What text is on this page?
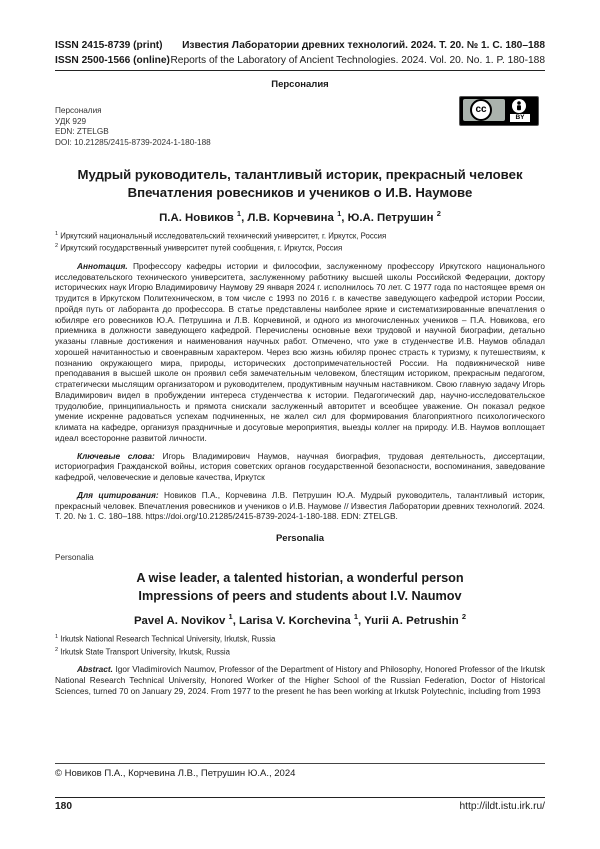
ISSN 2415-8739 (print)
ISSN 2500-1566 (online)
Известия Лаборатории древних технологий. 2024. Т. 20. № 1. С. 180–188
Reports of the Laboratory of Ancient Technologies. 2024. Vol. 20. No. 1. P. 180-188
Персоналия
Персоналия
УДК 929
EDN: ZTELGB
DOI: 10.21285/2415-8739-2024-1-180-188
cc
BY
Мудрый руководитель, талантливый историк, прекрасный человек
Впечатления ровесников и учеников о И.В. Наумове
П.А. Новиков $^1$, Л.В. Корчевина $^1$, Ю.А. Петрушин $^2$
$^1$ Иркутский национальный исследовательский технический университет, г. Иркутск, Россия
$^2$ Иркутский государственный университет путей сообщения, г. Иркутск, Россия
Аннотация. Профессору кафедры истории и философии, заслуженному профессору Иркутского национального исследовательского технического университета, заслуженному работнику высшей школы Российской Федерации, доктору исторических наук Игорю Владимировичу Наумову 29 января 2024 г. исполнилось 70 лет. С 1977 года по настоящее время он трудится в Иркутском Политехническом, в том числе с 1993 по 2016 г. в качестве заведующего кафедрой истории России, пройдя путь от лаборанта до профессора. В статье представлены наиболее яркие и систематизированные впечатления о юбиляре его ровесников Ю.А. Петрушина и Л.В. Корчевиной, и одного из многочисленных учеников – П.А. Новикова, его приемника в должности заведующего кафедрой. Перечислены основные вехи трудовой и научной биографии, детально указаны главные достижения и наименования научных работ. Отмечено, что уже в студенчестве И.В. Наумов обладал хорошей начитанностью и своенравным характером. Через всю жизнь юбиляр пронес страсть к туризму, к путешествиям, к познанию окружающего мира, природы, исторических достопримечательностей России. На подвижнической ниве преподавания в высшей школе он проявил себя замечательным человеком, блестящим историком, прекрасным педагогом, стратегически мыслящим организатором и руководителем, продуктивным научным наставником. Свою главную задачу Игорь Владимирович видел в пробуждении интереса студенчества к истории. Педагогический дар, научно-исследовательское трудолюбие, принципиальность и прямота снискали заслуженный авторитет и всеобщее уважение. Он показал редкое умение искренне радоваться успехам подчиненных, не жалел сил для формирования благоприятного психологического климата на кафедре, организуя праздничные и досуговые мероприятия, выезды коллег на природу. И.В. Наумов воплощает идеал всесторонне развитой личности.
Ключевые слова: Игорь Владимирович Наумов, научная биография, трудовая деятельность, диссертации, историография Гражданской войны, история советских органов государственной безопасности, воспоминания, заведование кафедрой, человеческие и деловые качества, Иркутск
Для цитирования: Новиков П.А., Корчевина Л.В. Петрушин Ю.А. Мудрый руководитель, талантливый историк, прекрасный человек. Впечатления ровесников и учеников о И.В. Наумове // Известия Лаборатории древних технологий. 2024. Т. 20. № 1. С. 180–188. https://doi.org/10.21285/2415-8739-2024-1-180-188. EDN: ZTELGB.
Personalia
Personalia
A wise leader, a talented historian, a wonderful person
Impressions of peers and students about I.V. Naumov
Pavel A. Novikov $^1$, Larisa V. Korchevina $^1$, Yurii A. Petrushin $^2$
$^1$ Irkutsk National Research Technical University, Irkutsk, Russia
$^2$ Irkutsk State Transport University, Irkutsk, Russia
Abstract. Igor Vladimirovich Naumov, Professor of the Department of History and Philosophy, Honored Professor of the Irkutsk National Research Technical University, Honored Worker of the Higher School of the Russian Federation, Doctor of Historical Sciences, turned 70 on January 29, 2024. From 1977 to the present he has been working at Irkutsk Polytechnic, including from 1993
© Новиков П.А., Корчевина Л.В., Петрушин Ю.А., 2024
180	http://ildt.istu.irk.ru/
